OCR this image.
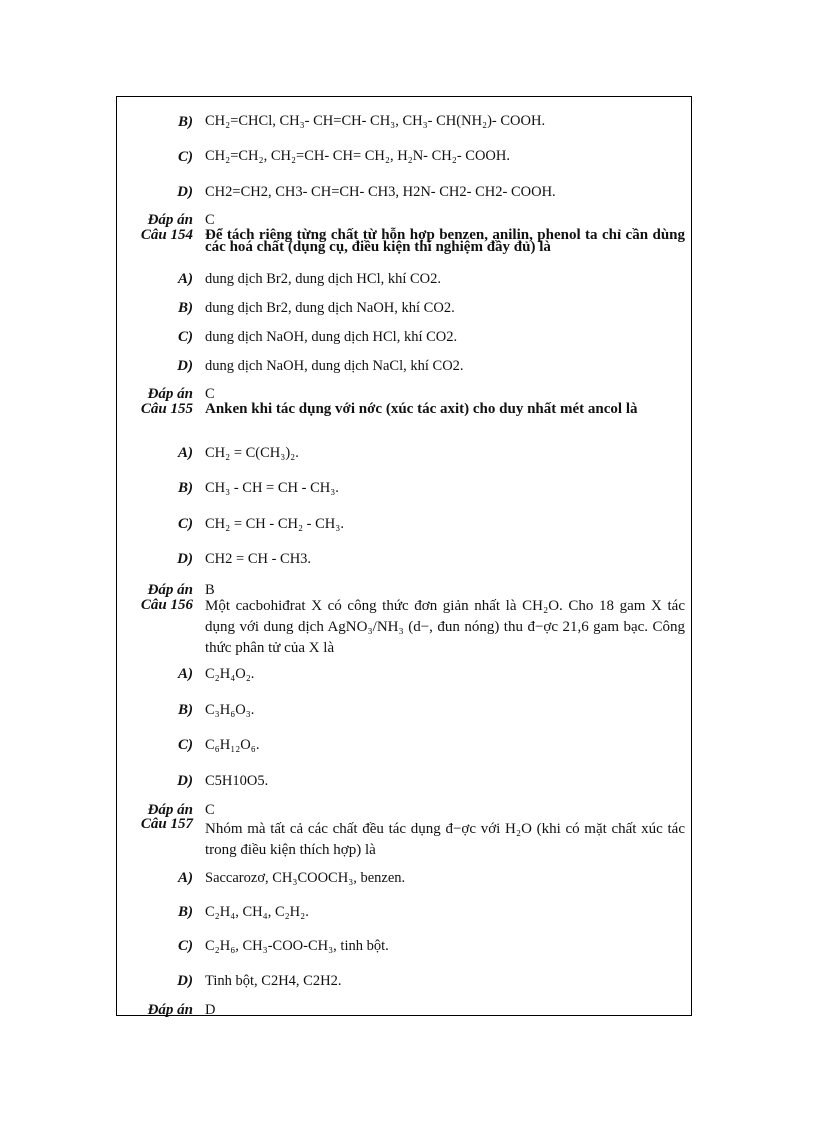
B) CH₂=CHCl, CH₃- CH=CH- CH₃, CH₃- CH(NH₂)- COOH.
C) CH₂=CH₂, CH₂=CH- CH= CH₂, H₂N- CH₂- COOH.
D) CH2=CH2, CH3- CH=CH- CH3, H2N- CH2- CH2- COOH.
Đáp án C
Câu 154 Để tách riêng từng chất từ hỗn hợp benzen, anilin, phenol ta chỉ cần dùng các hoá chất (dụng cụ, điều kiện thí nghiệm đầy đủ) là
A) dung dịch Br2, dung dịch HCl, khí CO2.
B) dung dịch Br2, dung dịch NaOH, khí CO2.
C) dung dịch NaOH, dung dịch HCl, khí CO2.
D) dung dịch NaOH, dung dịch NaCl, khí CO2.
Đáp án C
Câu 155 Anken khi tác dụng với nớc (xúc tác axit) cho duy nhất mét ancol là
A) CH₂ = C(CH₃)₂.
B) CH₃ - CH = CH - CH₃.
C) CH₂ = CH - CH₂ - CH₃.
D) CH2 = CH - CH3.
Đáp án B
Câu 156 Một cacbohiđrat X có công thức đơn giản nhất là CH₂O. Cho 18 gam X tác dụng với dung dịch AgNO₃/NH₃ (d−, đun nóng) thu đ−ợc 21,6 gam bạc. Công thức phân tử của X là
A) C₂H₄O₂.
B) C₃H₆O₃.
C) C₆H₁₂O₆.
D) C5H10O5.
Đáp án C
Câu 157 Nhóm mà tất cả các chất đều tác dụng đ−ợc với H₂O (khi có mặt chất xúc tác trong điều kiện thích hợp) là
A) Saccarozơ, CH₃COOCH₃, benzen.
B) C₂H₄, CH₄, C₂H₂.
C) C₂H₆, CH₃-COO-CH₃, tinh bột.
D) Tinh bột, C2H4, C2H2.
Đáp án D
